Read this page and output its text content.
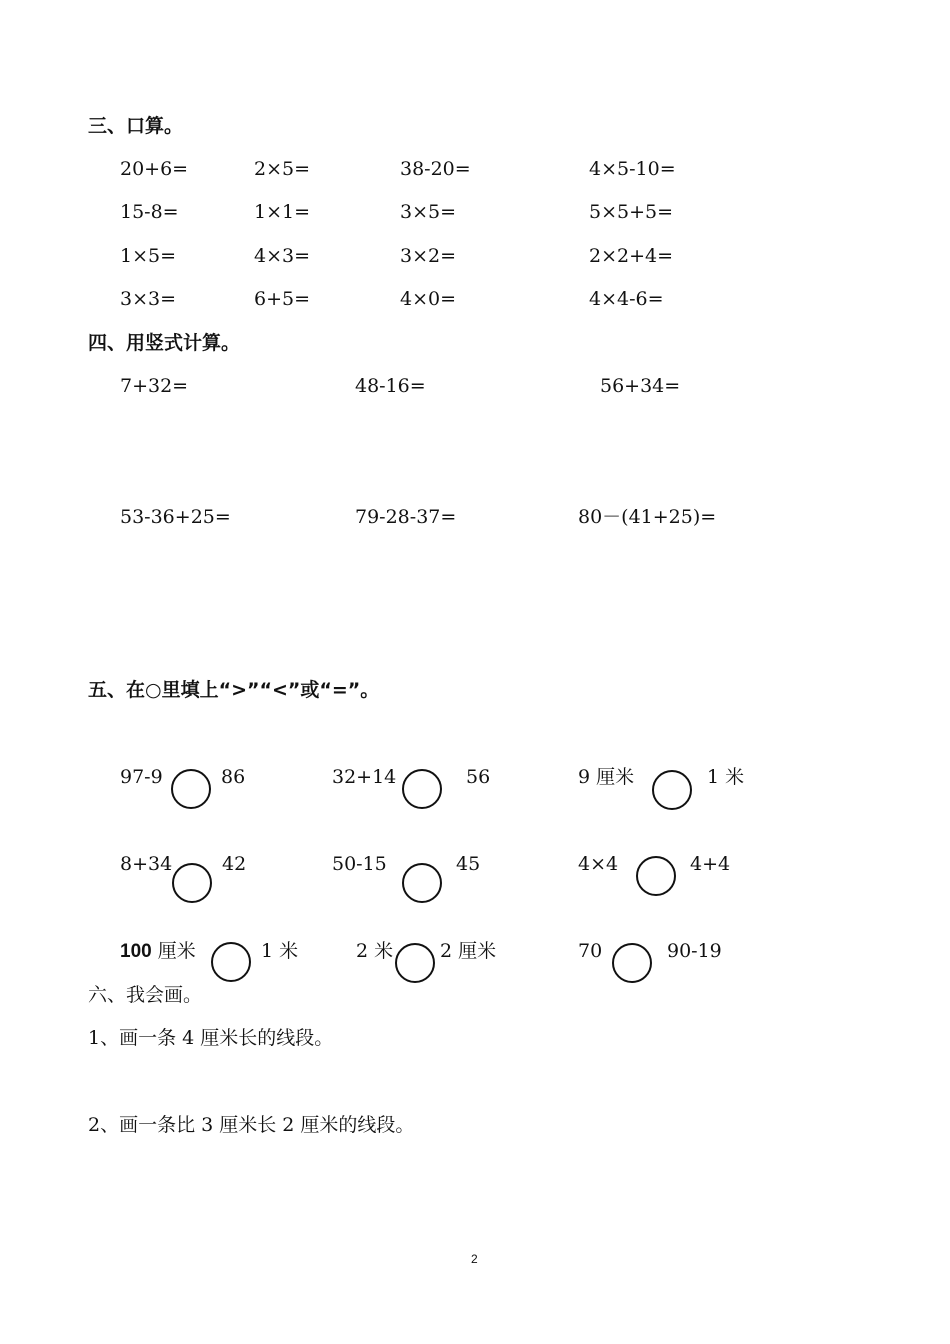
三、口算。
20+6=	2×5=	38-20=	4×5-10=
15-8=	1×1=	3×5=	5×5+5=
1×5=	4×3=	3×2=	2×2+4=
3×3=	6+5=	4×0=	4×4-6=
四、用竖式计算。
7+32=	48-16=	56+34=
53-36+25=	79-28-37=	80－(41+25)=
五、在○里填上“>”“<”或“=”。
97-9	86	32+14	56	9 厘米	1 米
8+34	42	50-15	45	4×4	4+4
100 厘米	1 米	2 米 2 厘米	70	90-19
六、我会画。
1、画一条 4 厘米长的线段。
2、画一条比 3 厘米长 2 厘米的线段。
2
